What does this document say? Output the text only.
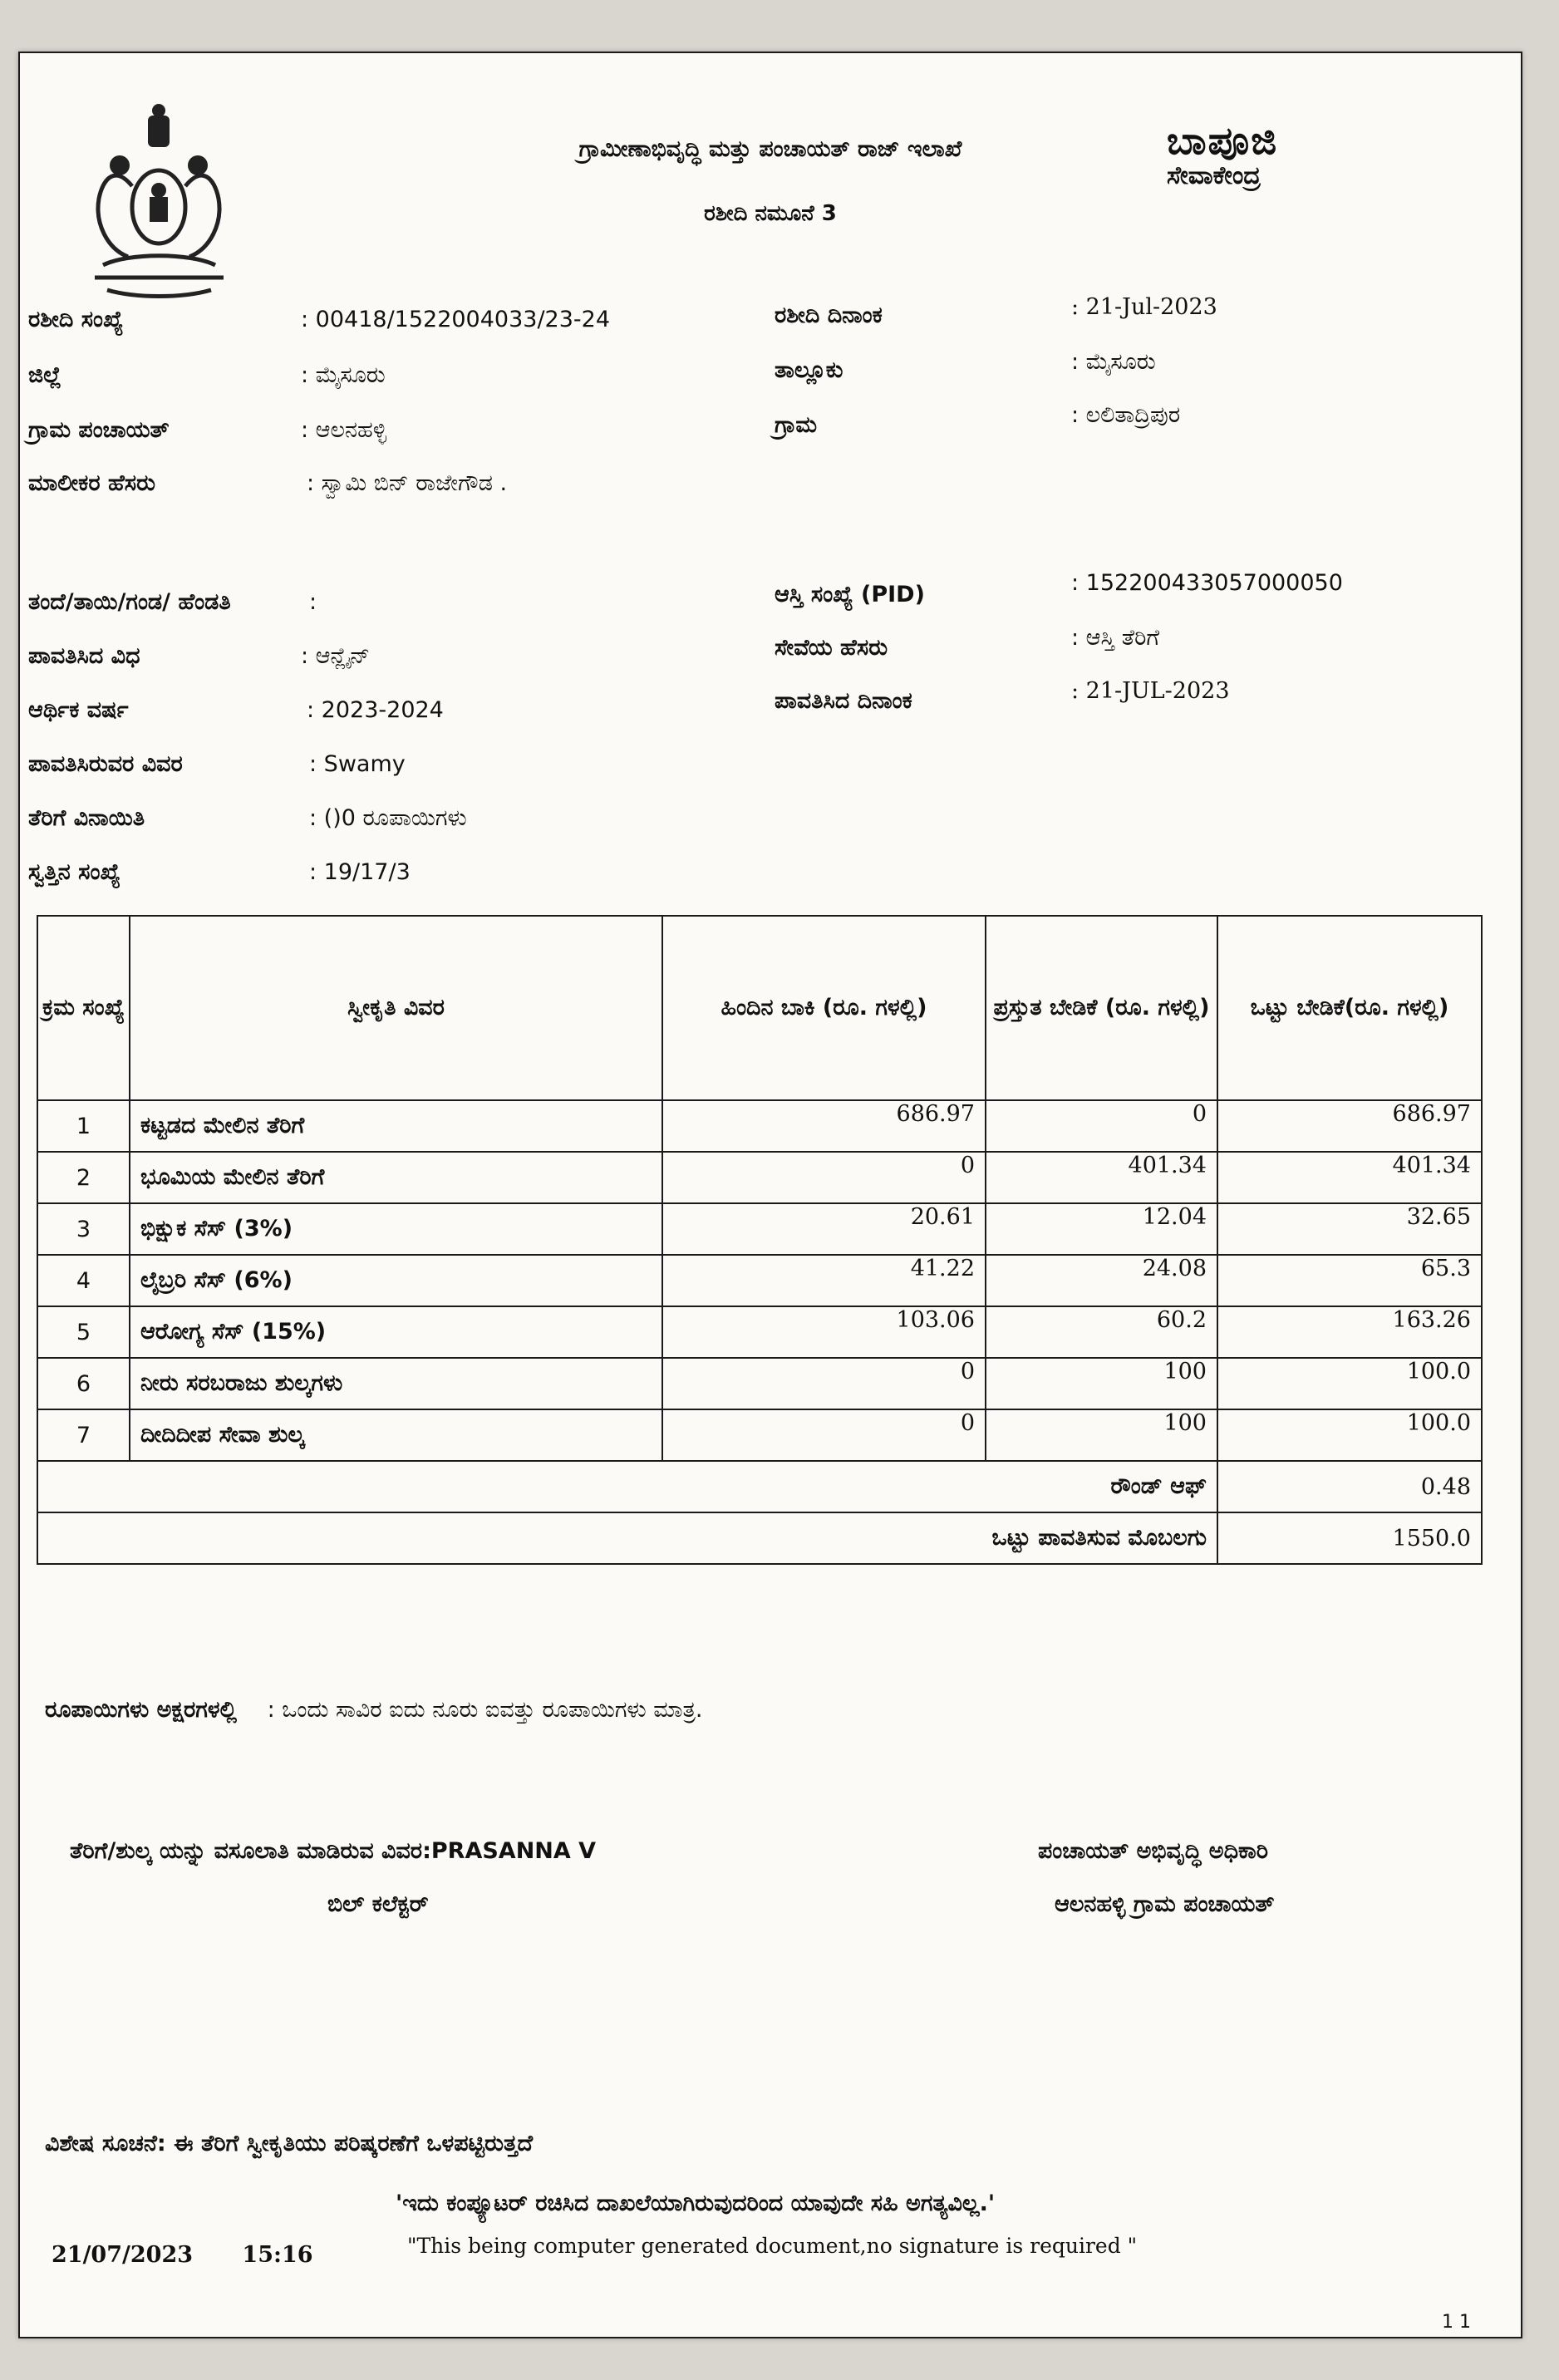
ಗ್ರಾಮೀಣಾಭಿವೃದ್ಧಿ ಮತ್ತು ಪಂಚಾಯತ್ ರಾಜ್ ಇಲಾಖೆ
ರಶೀದಿ ನಮೂನೆ 3
ಬಾಪೂಜಿ
ಸೇವಾಕೇಂದ್ರ
ರಶೀದಿ ಸಂಖ್ಯೆ	: 00418/1522004033/23-24
ಜಿಲ್ಲೆ	: ಮೈಸೂರು
ಗ್ರಾಮ ಪಂಚಾಯತ್	: ಆಲನಹಳ್ಳಿ
ಮಾಲೀಕರ ಹೆಸರು	: ಸ್ವಾಮಿ ಬಿನ್ ರಾಜೇಗೌಡ .
ತಂದೆ/ತಾಯಿ/ಗಂಡ/ ಹೆಂಡತಿ	:
ಪಾವತಿಸಿದ ವಿಧ	: ಆನ್ಲೈನ್
ಆರ್ಥಿಕ ವರ್ಷ	: 2023-2024
ಪಾವತಿಸಿರುವರ ವಿವರ	: Swamy
ತೆರಿಗೆ ವಿನಾಯಿತಿ	: ()0 ರೂಪಾಯಿಗಳು
ಸ್ವತ್ತಿನ ಸಂಖ್ಯೆ	: 19/17/3
ರಶೀದಿ ದಿನಾಂಕ	: 21-Jul-2023
ತಾಲ್ಲೂಕು	: ಮೈಸೂರು
ಗ್ರಾಮ	: ಲಲಿತಾದ್ರಿಪುರ
ಆಸ್ತಿ ಸಂಖ್ಯೆ (PID)	: 152200433057000050
ಸೇವೆಯ ಹೆಸರು	: ಆಸ್ತಿ ತೆರಿಗೆ
ಪಾವತಿಸಿದ ದಿನಾಂಕ	: 21-JUL-2023
ಕ್ರಮ ಸಂಖ್ಯೆ	ಸ್ವೀಕೃತಿ ವಿವರ	ಹಿಂದಿನ ಬಾಕಿ (ರೂ. ಗಳಲ್ಲಿ)	ಪ್ರಸ್ತುತ ಬೇಡಿಕೆ (ರೂ. ಗಳಲ್ಲಿ)	ಒಟ್ಟು ಬೇಡಿಕೆ(ರೂ. ಗಳಲ್ಲಿ)
1	ಕಟ್ಟಡದ ಮೇಲಿನ ತೆರಿಗೆ	686.97	0	686.97
2	ಭೂಮಿಯ ಮೇಲಿನ ತೆರಿಗೆ	0	401.34	401.34
3	ಭಿಕ್ಷುಕ ಸೆಸ್ (3%)	20.61	12.04	32.65
4	ಲೈಬ್ರರಿ ಸೆಸ್ (6%)	41.22	24.08	65.3
5	ಆರೋಗ್ಯ ಸೆಸ್ (15%)	103.06	60.2	163.26
6	ನೀರು ಸರಬರಾಜು ಶುಲ್ಕಗಳು	0	100	100.0
7	ದೀದಿದೀಪ ಸೇವಾ ಶುಲ್ಕ	0	100	100.0
ರೌಂಡ್ ಆಫ್				0.48
ಒಟ್ಟು ಪಾವತಿಸುವ ಮೊಬಲಗು				1550.0
ರೂಪಾಯಿಗಳು ಅಕ್ಷರಗಳಲ್ಲಿ : ಒಂದು ಸಾವಿರ ಐದು ನೂರು ಐವತ್ತು ರೂಪಾಯಿಗಳು ಮಾತ್ರ.
ತೆರಿಗೆ/ಶುಲ್ಕ ಯನ್ನು ವಸೂಲಾತಿ ಮಾಡಿರುವ ವಿವರ:PRASANNA V
ಬಿಲ್ ಕಲೆಕ್ಟರ್
ಪಂಚಾಯತ್ ಅಭಿವೃದ್ಧಿ ಅಧಿಕಾರಿ
ಆಲನಹಳ್ಳಿ ಗ್ರಾಮ ಪಂಚಾಯತ್
ವಿಶೇಷ ಸೂಚನೆ: ಈ ತೆರಿಗೆ ಸ್ವೀಕೃತಿಯು ಪರಿಷ್ಕರಣೆಗೆ ಒಳಪಟ್ಟಿರುತ್ತದೆ
'ಇದು ಕಂಪ್ಯೂಟರ್ ರಚಿಸಿದ ದಾಖಲೆಯಾಗಿರುವುದರಿಂದ ಯಾವುದೇ ಸಹಿ ಅಗತ್ಯವಿಲ್ಲ.'
"This being computer generated document,no signature is required "
21/07/2023 15:16
1 1
